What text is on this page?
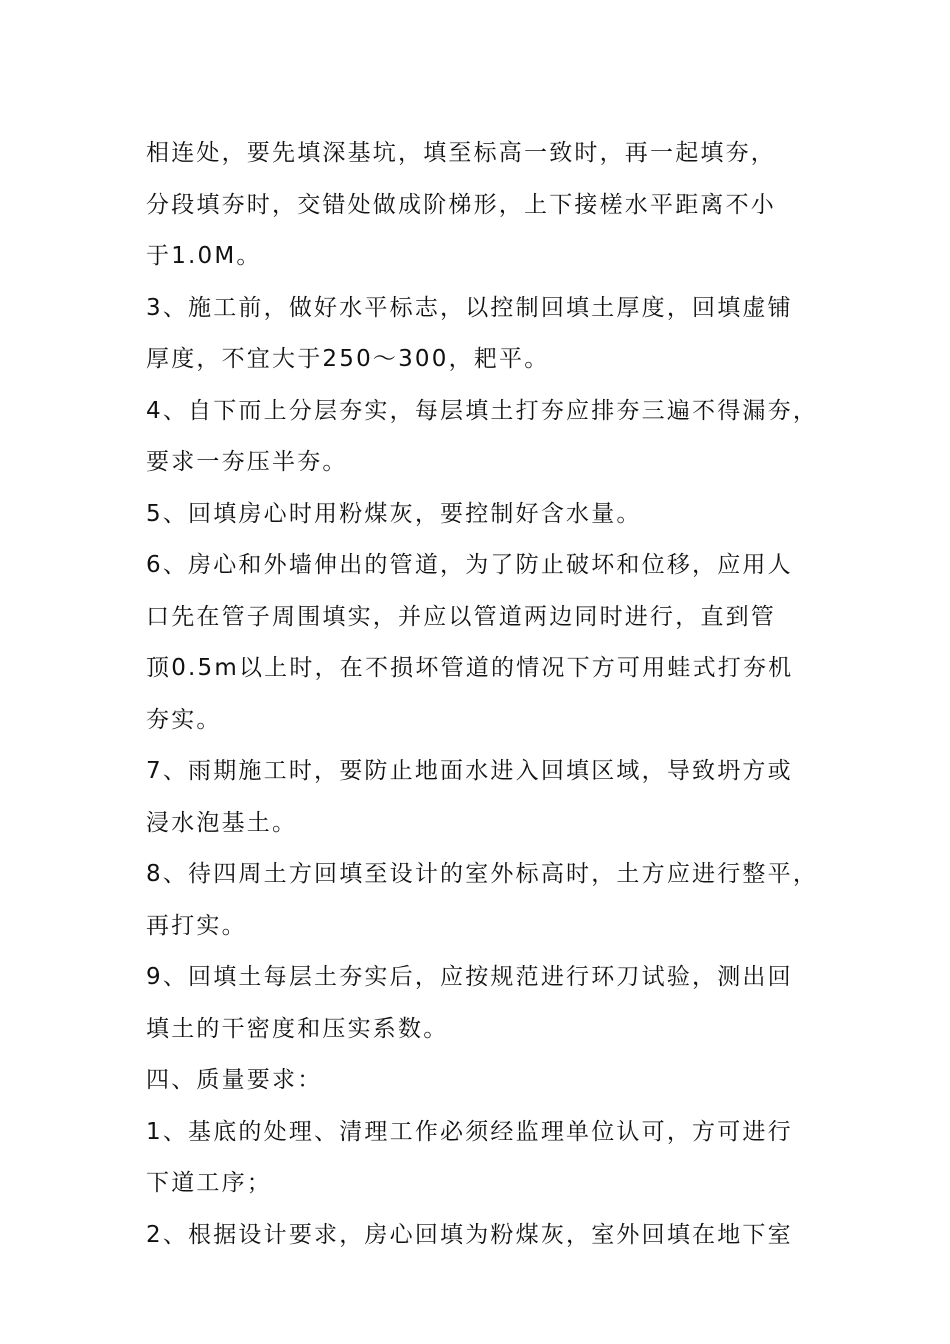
相连处，要先填深基坑，填至标高一致时，再一起填夯，
分段填夯时，交错处做成阶梯形，上下接槎水平距离不小
于1.0M。
3、施工前，做好水平标志，以控制回填土厚度，回填虚铺
厚度，不宜大于250～300，耙平。
4、自下而上分层夯实，每层填土打夯应排夯三遍不得漏夯，
要求一夯压半夯。
5、回填房心时用粉煤灰，要控制好含水量。
6、房心和外墙伸出的管道，为了防止破坏和位移，应用人
口先在管子周围填实，并应以管道两边同时进行，直到管
顶0.5m以上时，在不损坏管道的情况下方可用蛙式打夯机
夯实。
7、雨期施工时，要防止地面水进入回填区域，导致坍方或
浸水泡基土。
8、待四周土方回填至设计的室外标高时，土方应进行整平，
再打实。
9、回填土每层土夯实后，应按规范进行环刀试验，测出回
填土的干密度和压实系数。
四、质量要求：
1、基底的处理、清理工作必须经监理单位认可，方可进行
下道工序；
2、根据设计要求，房心回填为粉煤灰，室外回填在地下室
